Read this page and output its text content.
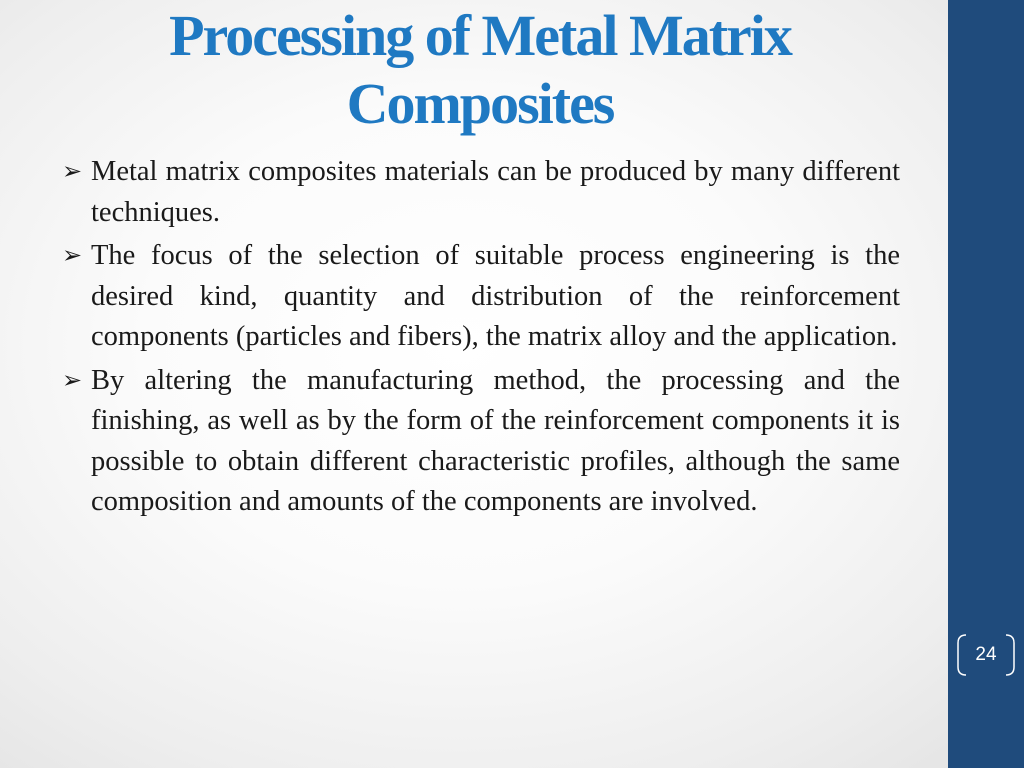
Processing of Metal Matrix
Composites
➢ Metal matrix composites materials can be produced by many different techniques.
➢ The focus of the selection of suitable process engineering is the desired kind, quantity and distribution of the reinforcement components (particles and fibers), the matrix alloy and the application.
➢ By altering the manufacturing method, the processing and the finishing, as well as by the form of the reinforcement components it is possible to obtain different characteristic profiles, although the same composition and amounts of the components are involved.
24
